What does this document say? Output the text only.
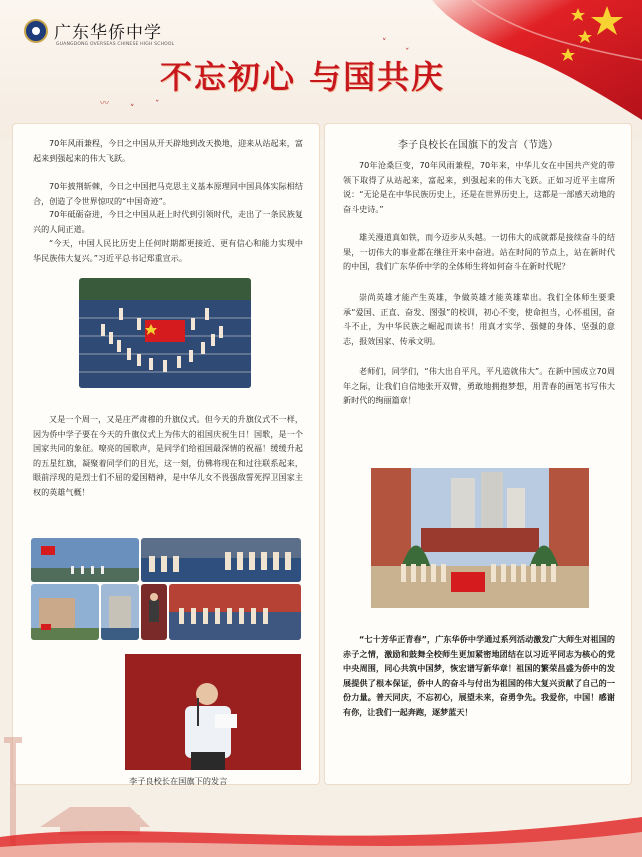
广东华侨中学
GUANGDONG OVERSEAS CHINESE HIGH SCHOOL
不忘初心 与国共庆
〰 ˅ ˇ
˅
ˇ

70年风雨兼程，今日之中国从开天辟地到改天换地，迎来从站起来，富起来到强起来的伟大飞跃。

70年披荆斩棘，今日之中国把马克思主义基本原理同中国具体实际相结合，创造了令世界惊叹的“中国奇迹”。

70年砥砺奋进，今日之中国从赶上时代到引领时代，走出了一条民族复兴的人间正道。

“今天，中国人民比历史上任何时期都更接近、更有信心和能力实现中华民族伟大复兴。”习近平总书记郑重宣示。

又是一个周一，又是庄严肃穆的升旗仪式。但今天的升旗仪式不一样，因为侨中学子要在今天的升旗仪式上为伟大的祖国庆祝生日！国歌，是一个国家共同的象征。嘹亮的国歌声，是同学们给祖国最深情的祝福！缓缓升起的五星红旗，凝聚着同学们的目光，这一刻，仿佛将现在和过往联系起来，眼前浮现的是烈士们不屈的爱国精神，是中华儿女不畏强敌誓死捍卫国家主权的英雄气概！

李子良校长在国旗下的发言
李子良校长在国旗下的发言（节选）

70年沧桑巨变，70年风雨兼程，70年来，中华儿女在中国共产党的带领下取得了从站起来，富起来，到强起来的伟大飞跃。正如习近平主席所说：“无论是在中华民族历史上，还是在世界历史上，这都是一部感天动地的奋斗史诗。”

雄关漫道真如铁，而今迈步从头越。一切伟大的成就都是接续奋斗的结果，一切伟大的事业都在继往开来中奋进。站在时间的节点上，站在新时代的中国，我们广东华侨中学的全体师生将如何奋斗在新时代呢？

崇尚英雄才能产生英雄，争做英雄才能英雄辈出。我们全体师生要秉承“爱国、正直、奋发、图强”的校训，初心不变，使命担当，心怀祖国，奋斗不止，为中华民族之崛起而读书！用真才实学、强健的身体、坚强的意志，报效国家、传承文明。

老师们，同学们，“伟大出自平凡，平凡造就伟大”。在新中国成立70周年之际，让我们自信地张开双臂，勇敢地拥抱梦想，用青春的画笔书写伟大新时代的绚丽篇章！

“七十芳华正青春”，广东华侨中学通过系列活动激发广大师生对祖国的赤子之情，激励和鼓舞全校师生更加紧密地团结在以习近平同志为核心的党中央周围，同心共筑中国梦，恢宏谱写新华章！祖国的繁荣昌盛为侨中的发展提供了根本保证，侨中人的奋斗与付出为祖国的伟大复兴贡献了自己的一份力量。普天同庆，不忘初心，展望未来，奋勇争先。我爱你，中国！感谢有你，让我们一起奔跑，逐梦蓝天！
